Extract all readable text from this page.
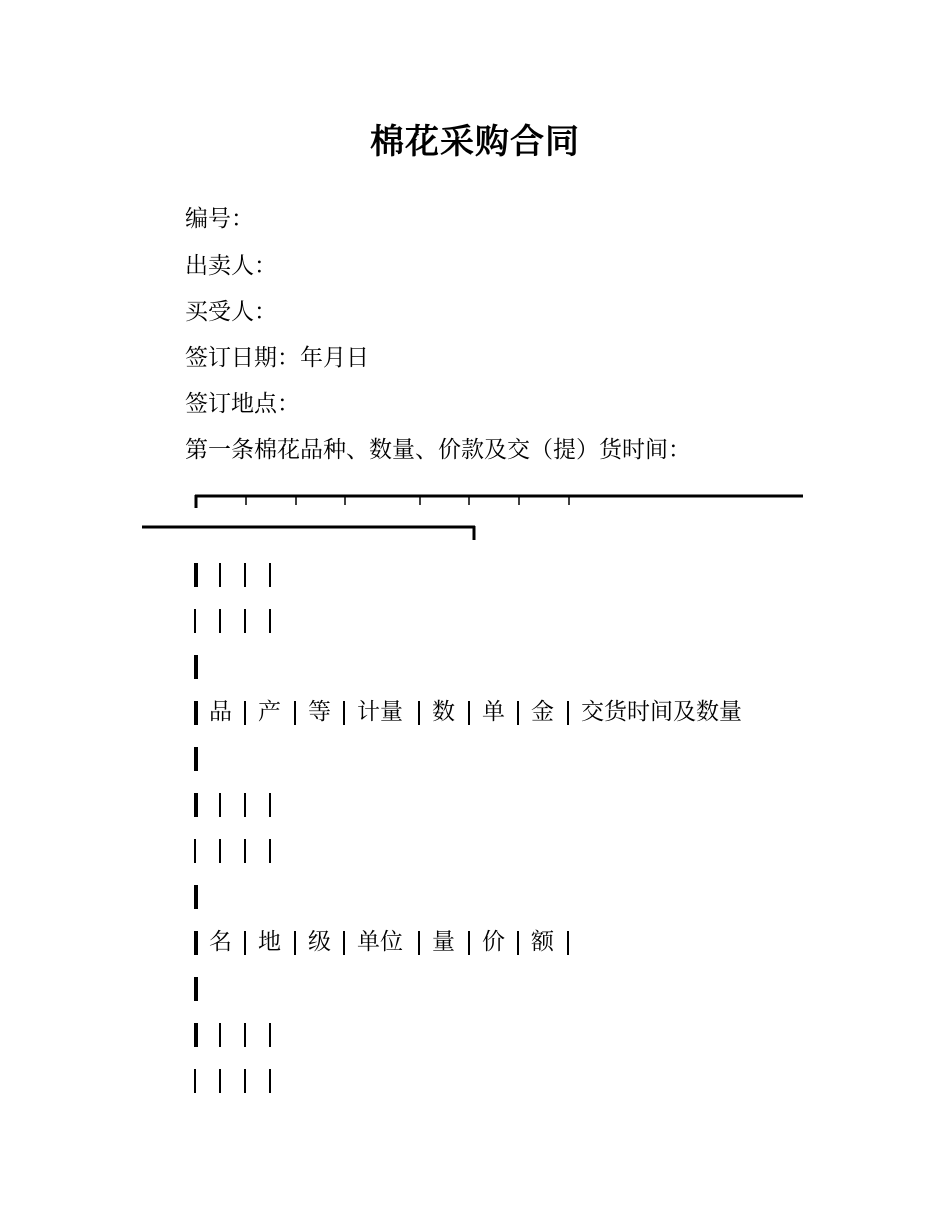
棉花采购合同
编号：
出卖人：
买受人：
签订日期：年月日
签订地点：
第一条棉花品种、数量、价款及交（提）货时间：
品 产 等 计量 数 单 金 交货时间及数量
名 地 级 单位 量 价 额
